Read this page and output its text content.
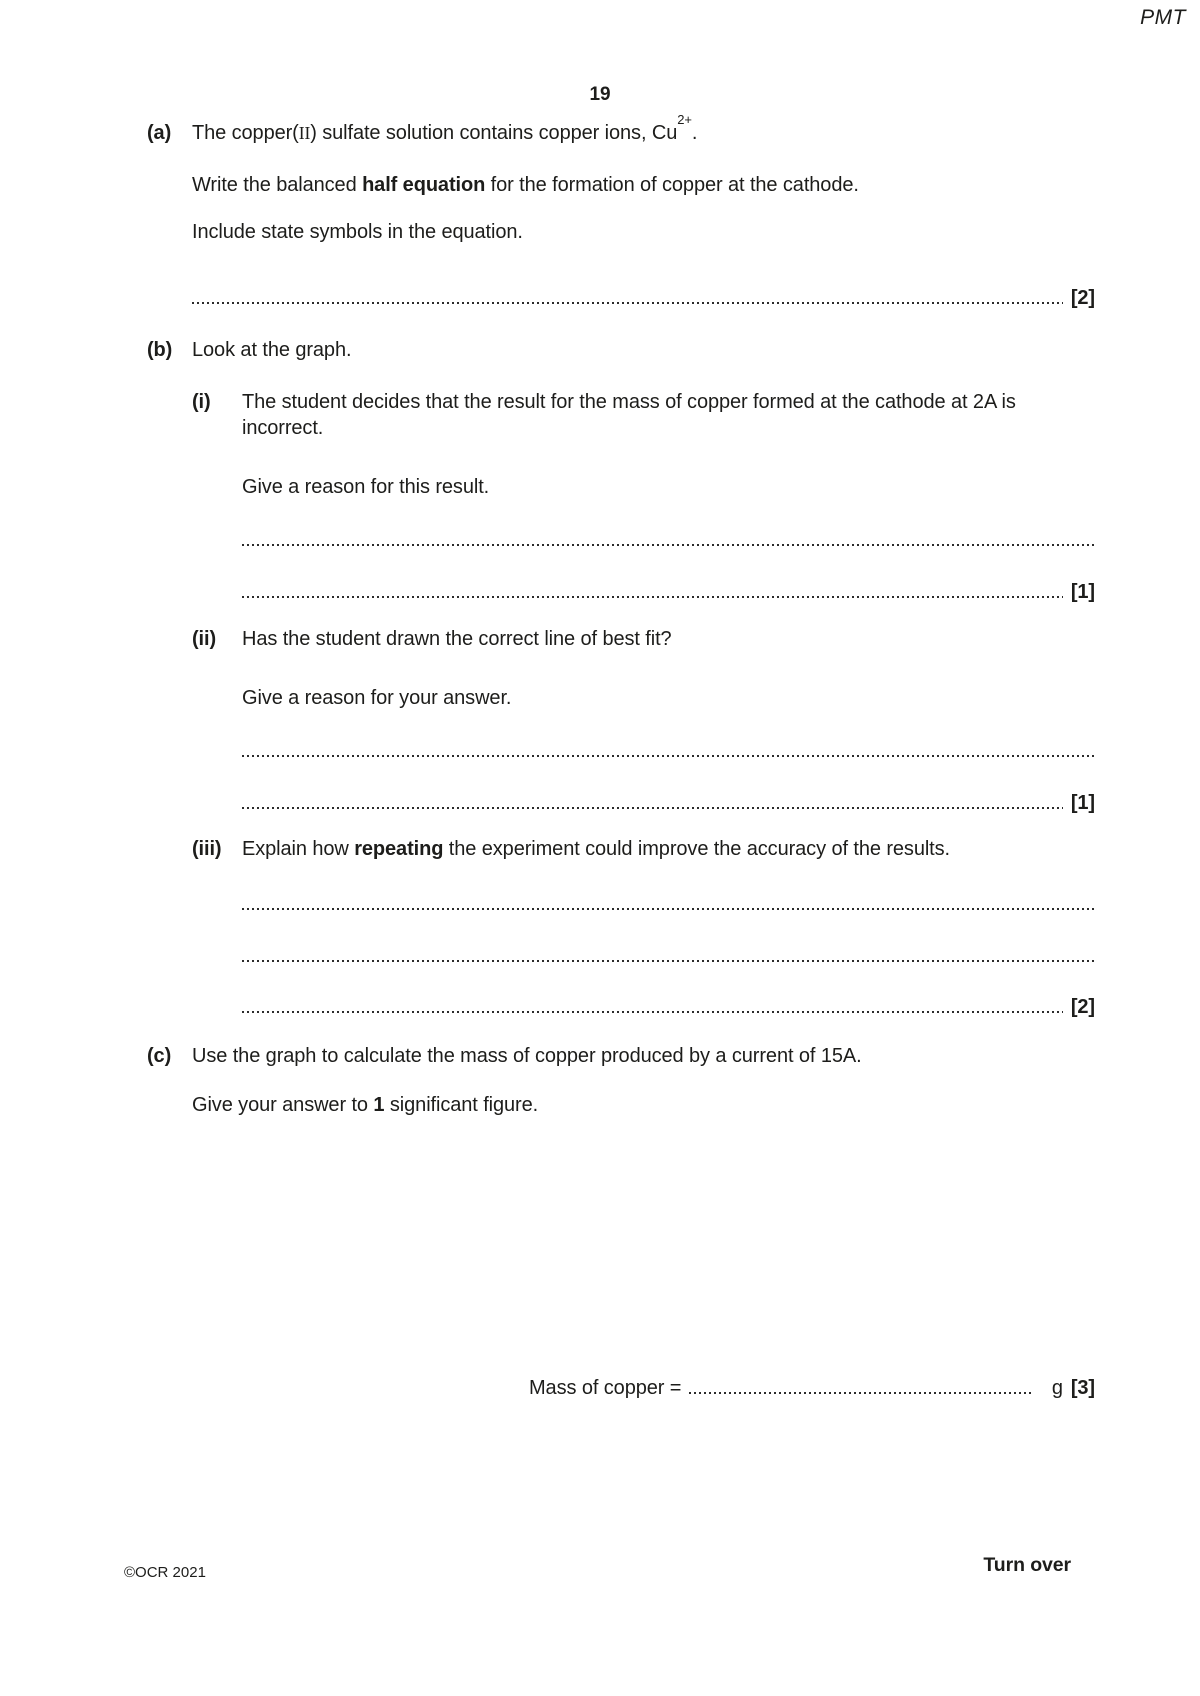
PMT
19
(a)	The copper(II) sulfate solution contains copper ions, $Cu^{2+}$.
Write the balanced half equation for the formation of copper at the cathode.
Include state symbols in the equation.
[2]
(b) Look at the graph.
(i)	The student decides that the result for the mass of copper formed at the cathode at 2A is incorrect.
Give a reason for this result.
[1]
(ii)	Has the student drawn the correct line of best fit?
Give a reason for your answer.
[1]
(iii)	Explain how repeating the experiment could improve the accuracy of the results.
[2]
(c)	Use the graph to calculate the mass of copper produced by a current of 15A.
Give your answer to 1 significant figure.
Mass of copper =	g [3]
©OCR 2021	Turn over
